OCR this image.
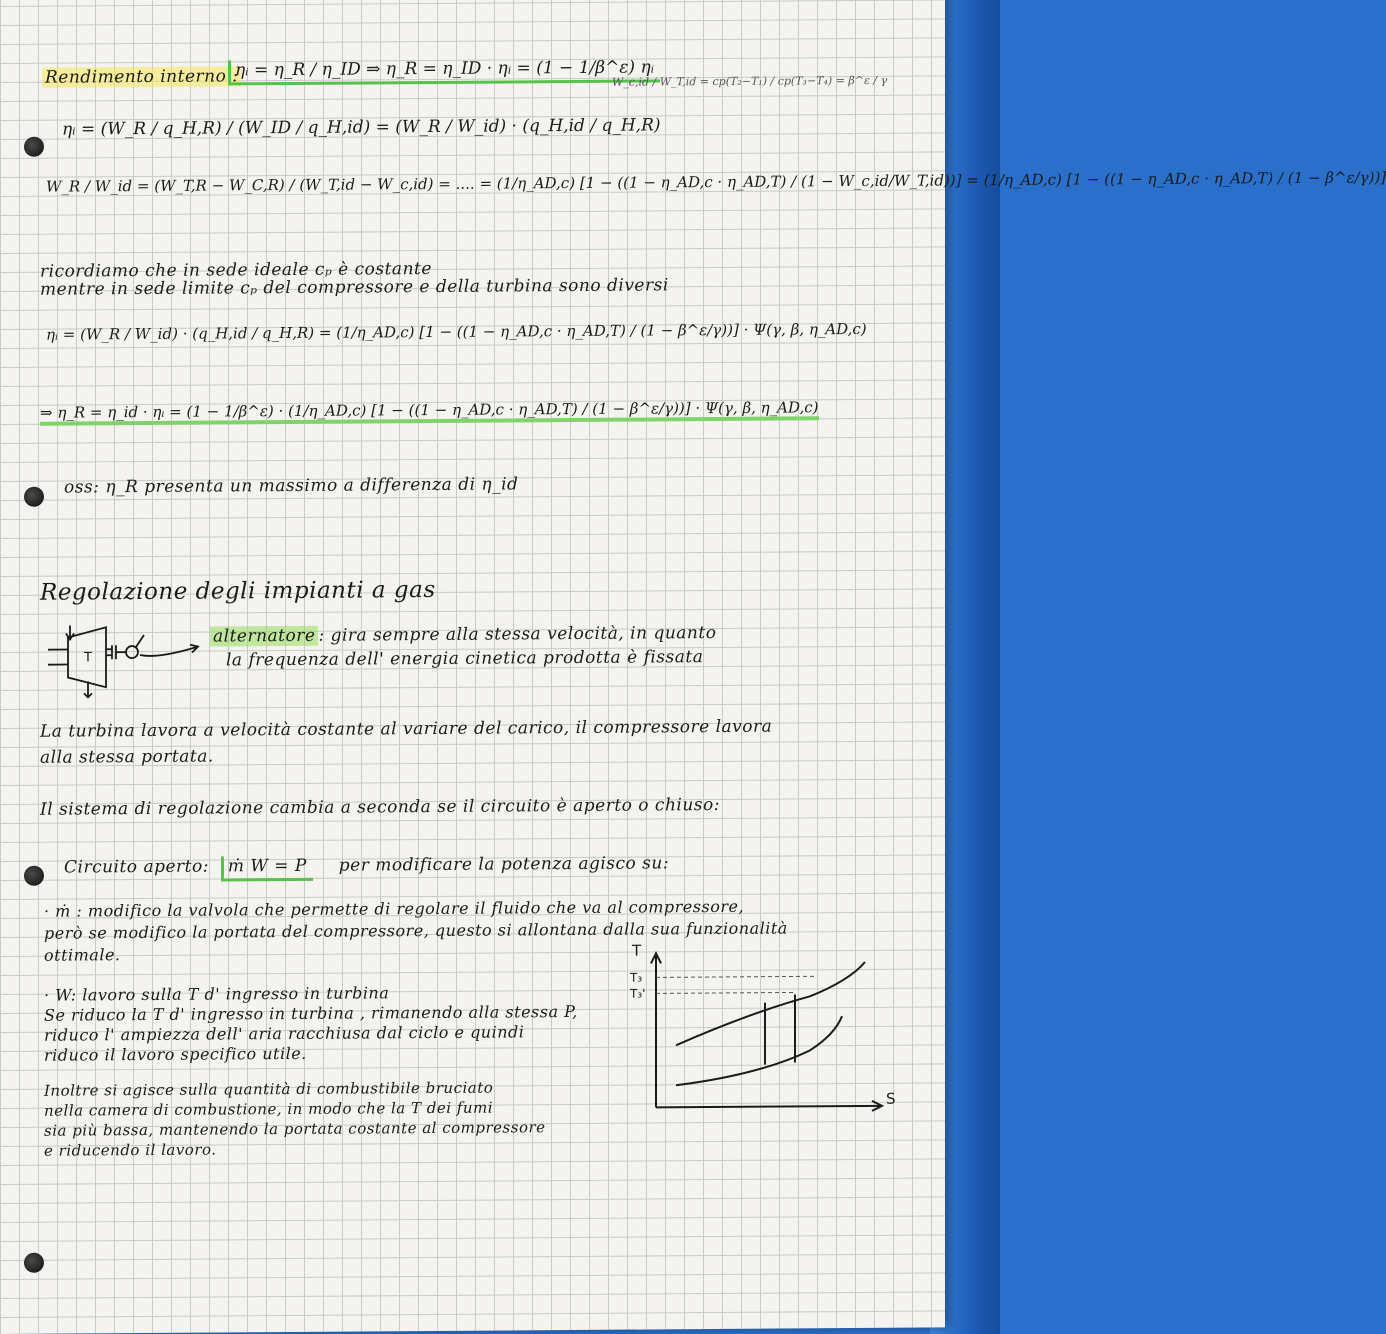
Rendimento interno :
ηᵢ = η_R / η_ID ⇒ η_R = η_ID · ηᵢ = (1 − 1/β^ε) ηᵢ
W_c,id / W_T,id = cp(T₂−T₁) / cp(T₃−T₄) = β^ε / γ
ηᵢ = (W_R / q_H,R) / (W_ID / q_H,id) = (W_R / W_id) · (q_H,id / q_H,R)
W_R / W_id = (W_T,R − W_C,R) / (W_T,id − W_c,id) = .... = (1/η_AD,c) [1 − ((1 − η_AD,c · η_AD,T) / (1 − W_c,id/W_T,id))] = (1/η_AD,c) [1 − ((1 − η_AD,c · η_AD,T) / (1 − β^ε/γ))]
ricordiamo che in sede ideale cₚ è costante
mentre in sede limite cₚ del compressore e della turbina sono diversi
ηᵢ = (W_R / W_id) · (q_H,id / q_H,R) = (1/η_AD,c) [1 − ((1 − η_AD,c · η_AD,T) / (1 − β^ε/γ))] · Ψ(γ, β, η_AD,c)
⇒ η_R = η_id · ηᵢ = (1 − 1/β^ε) · (1/η_AD,c) [1 − ((1 − η_AD,c · η_AD,T) / (1 − β^ε/γ))] · Ψ(γ, β, η_AD,c)
oss: η_R presenta un massimo a differenza di η_id
Regolazione degli impianti a gas
T
alternatore : gira sempre alla stessa velocità, in quanto
la frequenza dell' energia cinetica prodotta è fissata
La turbina lavora a velocità costante al variare del carico, il compressore lavora
alla stessa portata.
Il sistema di regolazione cambia a seconda se il circuito è aperto o chiuso:
Circuito aperto: ṁ W = P per modificare la potenza agisco su:
· ṁ : modifico la valvola che permette di regolare il fluido che va al compressore,
però se modifico la portata del compressore, questo si allontana dalla sua funzionalità
ottimale.
· W: lavoro sulla T d' ingresso in turbina
Se riduco la T d' ingresso in turbina , rimanendo alla stessa P,
riduco l' ampiezza dell' aria racchiusa dal ciclo e quindi
riduco il lavoro specifico utile.
Inoltre si agisce sulla quantità di combustibile bruciato
nella camera di combustione, in modo che la T dei fumi
sia più bassa, mantenendo la portata costante al compressore
e riducendo il lavoro.
T
S
T₃
T₃'
